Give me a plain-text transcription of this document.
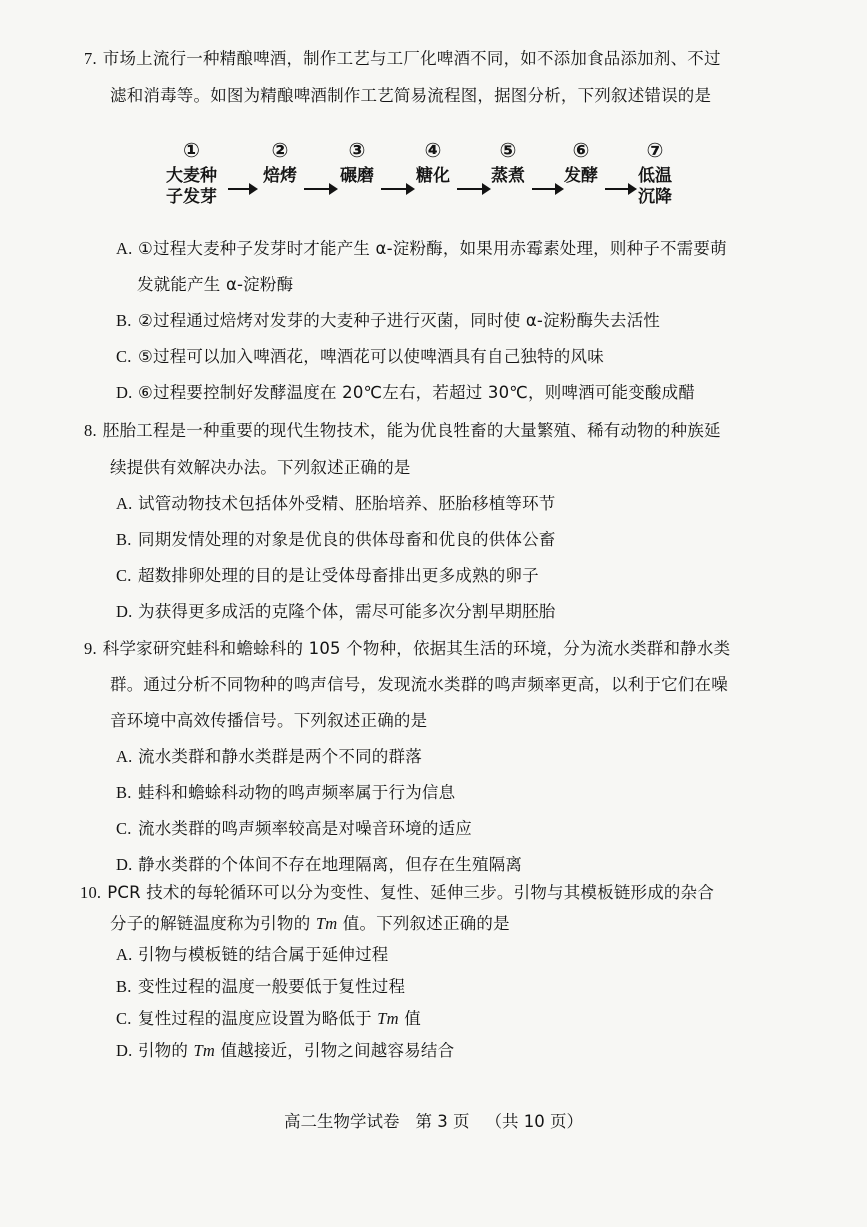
7. 市场上流行一种精酿啤酒，制作工艺与工厂化啤酒不同，如不添加食品添加剂、不过
滤和消毒等。如图为精酿啤酒制作工艺简易流程图，据图分析，下列叙述错误的是
①
大麦种
子发芽
②
焙烤
③
碾磨
④
糖化
⑤
蒸煮
⑥
发酵
⑦
低温
沉降
A. ①过程大麦种子发芽时才能产生 α-淀粉酶，如果用赤霉素处理，则种子不需要萌
发就能产生 α-淀粉酶
B. ②过程通过焙烤对发芽的大麦种子进行灭菌，同时使 α-淀粉酶失去活性
C. ⑤过程可以加入啤酒花，啤酒花可以使啤酒具有自己独特的风味
D. ⑥过程要控制好发酵温度在 20℃左右，若超过 30℃，则啤酒可能变酸成醋
8. 胚胎工程是一种重要的现代生物技术，能为优良牲畜的大量繁殖、稀有动物的种族延
续提供有效解决办法。下列叙述正确的是
A. 试管动物技术包括体外受精、胚胎培养、胚胎移植等环节
B. 同期发情处理的对象是优良的供体母畜和优良的供体公畜
C. 超数排卵处理的目的是让受体母畜排出更多成熟的卵子
D. 为获得更多成活的克隆个体，需尽可能多次分割早期胚胎
9. 科学家研究蛙科和蟾蜍科的 105 个物种，依据其生活的环境，分为流水类群和静水类
群。通过分析不同物种的鸣声信号，发现流水类群的鸣声频率更高，以利于它们在噪
音环境中高效传播信号。下列叙述正确的是
A. 流水类群和静水类群是两个不同的群落
B. 蛙科和蟾蜍科动物的鸣声频率属于行为信息
C. 流水类群的鸣声频率较高是对噪音环境的适应
D. 静水类群的个体间不存在地理隔离，但存在生殖隔离
10. PCR 技术的每轮循环可以分为变性、复性、延伸三步。引物与其模板链形成的杂合
分子的解链温度称为引物的 Tm 值。下列叙述正确的是
A. 引物与模板链的结合属于延伸过程
B. 变性过程的温度一般要低于复性过程
C. 复性过程的温度应设置为略低于 Tm 值
D. 引物的 Tm 值越接近，引物之间越容易结合
高二生物学试卷 第 3 页 （共 10 页）
